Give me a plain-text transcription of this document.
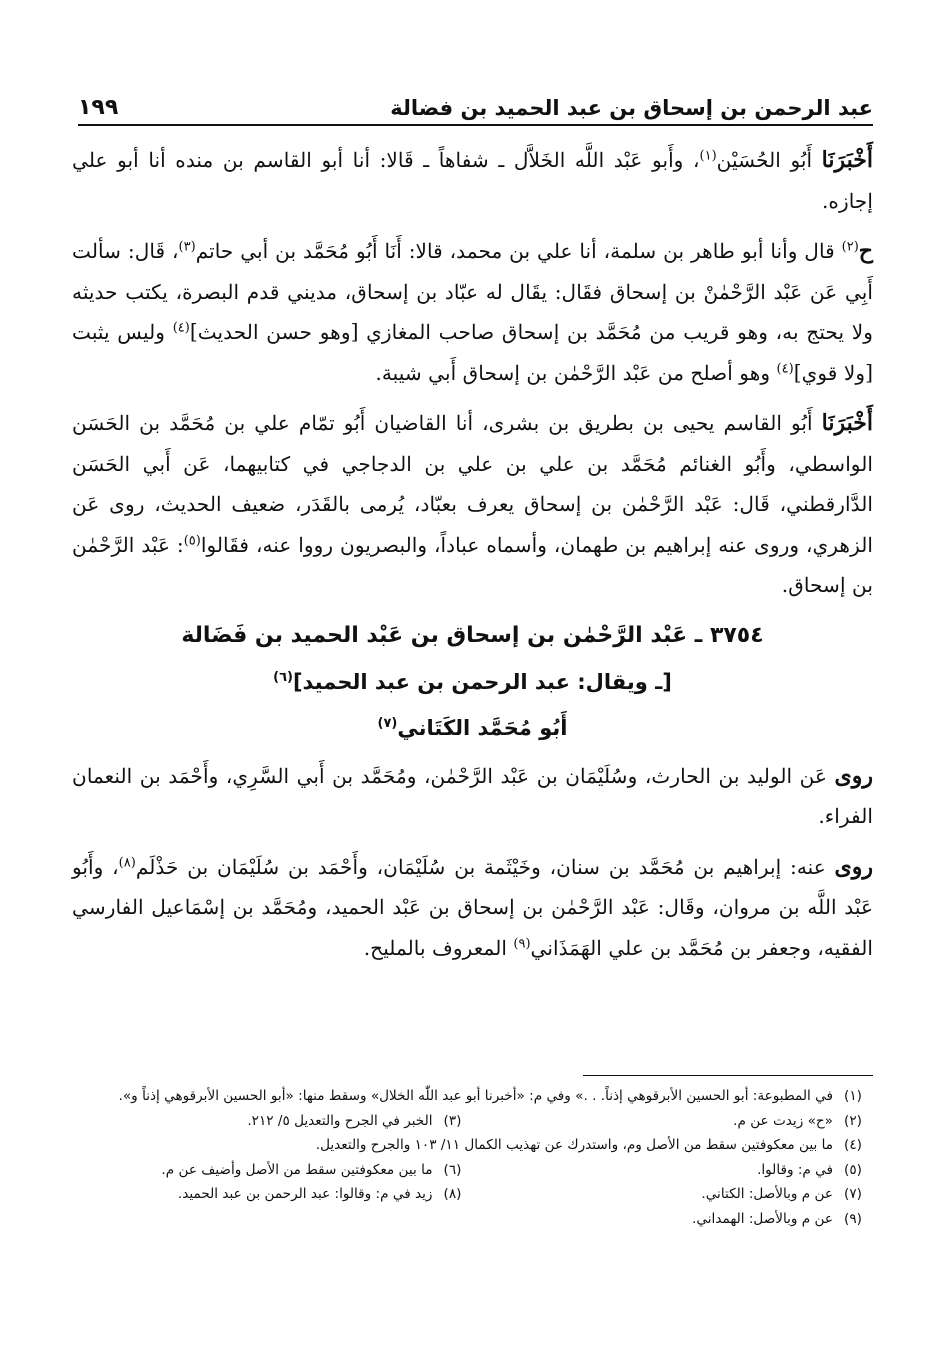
عبد الرحمن بن إسحاق بن عبد الحميد بن فضالة
١٩٩

أَخْبَرَنَا أَبُو الحُسَيْن$^{(١)}$، وأَبو عَبْد اللَّه الخَلاَّل ـ شفاهاً ـ قَالا: أنا أبو القاسم بن منده أنا أبو علي إجازه.

ح$^{(٢)}$ قال وأنا أبو طاهر بن سلمة، أنا علي بن محمد، قالا: أَنَا أَبُو مُحَمَّد بن أبي حاتم$^{(٣)}$، قَال: سألت أَبِي عَن عَبْد الرَّحْمٰنْ بن إسحاق فقَال: يقَال له عبّاد بن إسحاق، مديني قدم البصرة، يكتب حديثه ولا يحتج به، وهو قريب من مُحَمَّد بن إسحاق صاحب المغازي [وهو حسن الحديث]$^{(٤)}$ وليس يثبت [ولا قوي]$^{(٤)}$ وهو أصلح من عَبْد الرَّحْمٰن بن إسحاق أَبي شيبة.

أَخْبَرَنَا أَبُو القاسم يحيى بن بطريق بن بشرى، أنا القاضيان أَبُو تمّام علي بن مُحَمَّد بن الحَسَن الواسطي، وأَبُو الغنائم مُحَمَّد بن علي بن علي بن الدجاجي في كتابيهما، عَن أَبي الحَسَن الدَّارقطني، قَال: عَبْد الرَّحْمٰن بن إسحاق يعرف بعبّاد، يُرمى بالقَدَر، ضعيف الحديث، روى عَن الزهري، وروى عنه إبراهيم بن طهمان، وأسماه عباداً، والبصريون رووا عنه، فقَالوا$^{(٥)}$: عَبْد الرَّحْمٰن بن إسحاق.

٣٧٥٤ ـ عَبْد الرَّحْمٰن بن إسحاق بن عَبْد الحميد بن فَضَالة
[ـ ويقال: عبد الرحمن بن عبد الحميد]$^{(٦)}$
أَبُو مُحَمَّد الكَتَاني$^{(٧)}$

روى عَن الوليد بن الحارث، وسُلَيْمَان بن عَبْد الرَّحْمٰن، ومُحَمَّد بن أَبي السَّرِي، وأَحْمَد بن النعمان الفراء.

روى عنه: إبراهيم بن مُحَمَّد بن سنان، وخَيْثَمة بن سُلَيْمَان، وأَحْمَد بن سُلَيْمَان بن حَذْلَم$^{(٨)}$، وأَبُو عَبْد اللَّه بن مروان، وقَال: عَبْد الرَّحْمٰن بن إسحاق بن عَبْد الحميد، ومُحَمَّد بن إسْمَاعيل الفارسي الفقيه، وجعفر بن مُحَمَّد بن علي الهَمَذَاني$^{(٩)}$ المعروف بالمليح.

(١)
في المطبوعة: أبو الحسين الأبرقوهي إذناً. . .» وفي م: «أخبرنا أبو عبد اللّٰه الخلال» وسقط منها: «أبو الحسين الأبرقوهي إذناً و».
(٢)
«ح» زيدت عن م.
(٣)
الخبر في الجرح والتعديل ٥/ ٢١٢.
(٤)
ما بين معكوفتين سقط من الأصل وم، واستدرك عن تهذيب الكمال ١١/ ١٠٣ والجرح والتعديل.
(٥)
في م: وقالوا.
(٦)
ما بين معكوفتين سقط من الأصل وأضيف عن م.
(٧)
عن م وبالأصل: الكتاني.
(٨)
زيد في م: وقالوا: عبد الرحمن بن عبد الحميد.
(٩)
عن م وبالأصل: الهمداني.
